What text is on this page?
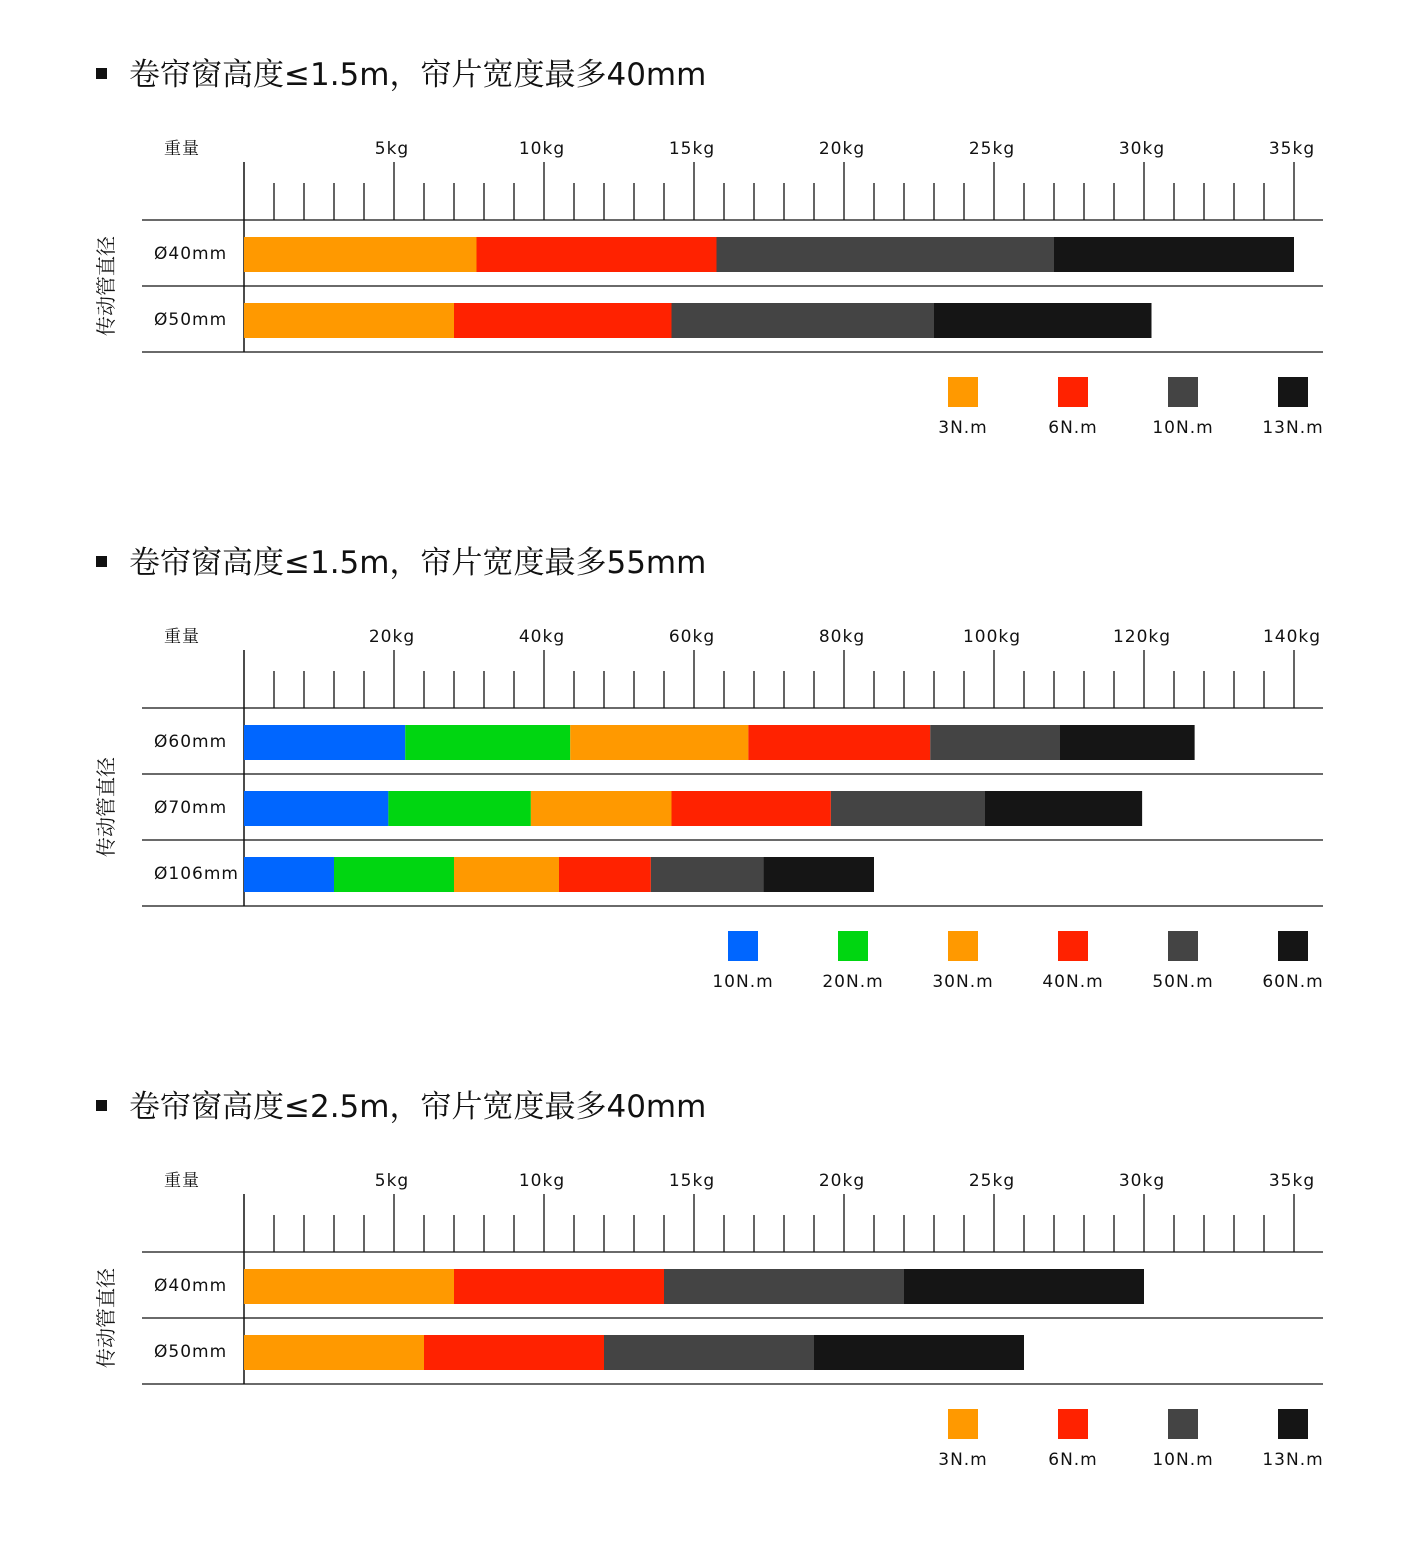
卷帘窗高度≤1.5m，帘片宽度最多40mm
重量	5kg	10kg	15kg	20kg	25kg	30kg	35kg
传动管直径 Ø40mm
Ø50mm
3N.m	6N.m	10N.m	13N.m
卷帘窗高度≤1.5m，帘片宽度最多55mm
重量	20kg	40kg	60kg	80kg	100kg	120kg	140kg
传动管直径
Ø60mm
Ø70mm
Ø106mm
10N.m	20N.m	30N.m	40N.m	50N.m	60N.m
卷帘窗高度≤2.5m，帘片宽度最多40mm
重量	5kg	10kg	15kg	20kg	25kg	30kg	35kg
传动管直径 Ø40mm
Ø50mm
3N.m	6N.m	10N.m	13N.m
